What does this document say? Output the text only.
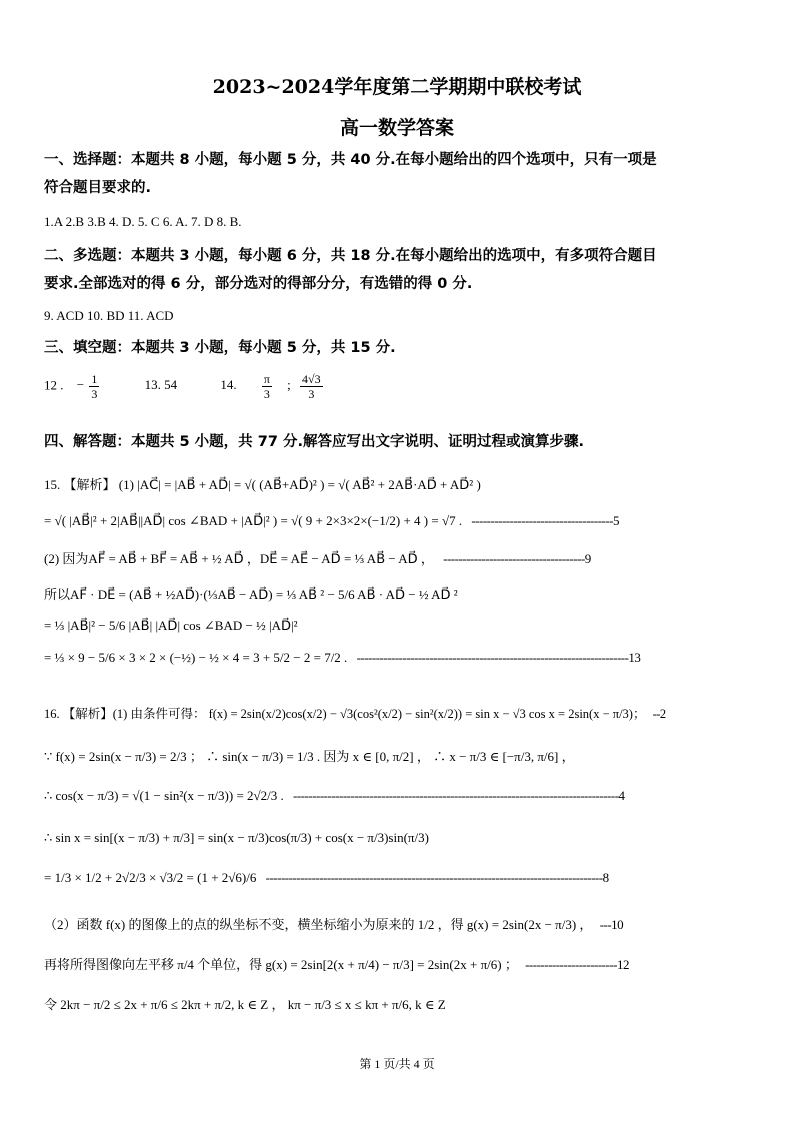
2023~2024学年度第二学期期中联校考试
高一数学答案
一、选择题：本题共 8 小题，每小题 5 分，共 40 分.在每小题给出的四个选项中，只有一项是
符合题目要求的.
1.A 2.B 3.B 4. D. 5. C 6. A. 7. D 8. B.
二、多选题：本题共 3 小题，每小题 6 分，共 18 分.在每小题给出的选项中，有多项符合题目
要求.全部选对的得 6 分，部分选对的得部分分，有选错的得 0 分.
9. ACD 10. BD 11. ACD
三、填空题：本题共 3 小题，每小题 5 分，共 15 分.
12 . − $\frac{1}{3}$	13. 54	14. $\frac{\pi}{3}$ ; $\frac{4√3}{3}$
四、解答题：本题共 5 小题，共 77 分.解答应写出文字说明、证明过程或演算步骤.
15. 【解析】 (1) |AC⃗| = |AB⃗ + AD⃗| = √( (AB⃗+AD⃗)² ) = √( AB⃗² + 2AB⃗·AD⃗ + AD⃗² )
= √( |AB⃗|² + 2|AB⃗||AD⃗| cos ∠BAD + |AD⃗|² ) = √( 9 + 2×3×2×(−1/2) + 4 ) = √7 . -------------------------------------5
(2) 因为AF⃗ = AB⃗ + BF⃗ = AB⃗ + ½ AD⃗ ，DE⃗ = AE⃗ − AD⃗ = ⅓ AB⃗ − AD⃗ ， -------------------------------------9
所以AF⃗ · DE⃗ = (AB⃗ + ½AD⃗)·(⅓AB⃗ − AD⃗) = ⅓ AB⃗ ² − 5/6 AB⃗ · AD⃗ − ½ AD⃗ ²
= ⅓ |AB⃗|² − 5/6 |AB⃗| |AD⃗| cos ∠BAD − ½ |AD⃗|²
= ⅓ × 9 − 5/6 × 3 × 2 × (−½) − ½ × 4 = 3 + 5/2 − 2 = 7/2 . -----------------------------------------------------------------------13
16. 【解析】(1) 由条件可得： f(x) = 2sin(x/2)cos(x/2) − √3(cos²(x/2) − sin²(x/2)) = sin x − √3 cos x = 2sin(x − π/3)； --2
∵ f(x) = 2sin(x − π/3) = 2/3 ； ∴ sin(x − π/3) = 1/3 . 因为 x ∈ [0, π/2] ， ∴ x − π/3 ∈ [−π/3, π/6] ，
∴ cos(x − π/3) = √(1 − sin²(x − π/3)) = 2√2/3 . -------------------------------------------------------------------------------------4
∴ sin x = sin[(x − π/3) + π/3] = sin(x − π/3)cos(π/3) + cos(x − π/3)sin(π/3)
= 1/3 × 1/2 + 2√2/3 × √3/2 = (1 + 2√6)/6 ----------------------------------------------------------------------------------------8
（2）函数 f(x) 的图像上的点的纵坐标不变，横坐标缩小为原来的 1/2 ，得 g(x) = 2sin(2x − π/3) ， ---10
再将所得图像向左平移 π/4 个单位，得 g(x) = 2sin[2(x + π/4) − π/3] = 2sin(2x + π/6) ； ------------------------12
令 2kπ − π/2 ≤ 2x + π/6 ≤ 2kπ + π/2, k ∈ Z ， kπ − π/3 ≤ x ≤ kπ + π/6, k ∈ Z
第 1 页/共 4 页
